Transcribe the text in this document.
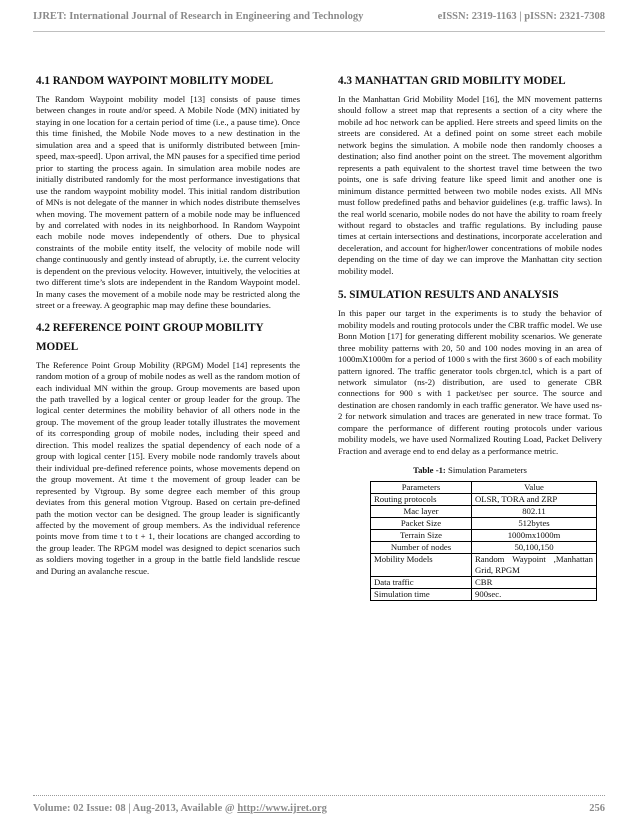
IJRET: International Journal of Research in Engineering and Technology	eISSN: 2319-1163 | pISSN: 2321-7308
4.1 RANDOM WAYPOINT MOBILITY MODEL

The Random Waypoint mobility model [13] consists of pause times between changes in route and/or speed. A Mobile Node (MN) initiated by staying in one location for a certain period of time (i.e., a pause time). Once this time finished, the Mobile Node moves to a new destination in the simulation area and a speed that is uniformly distributed between [min-speed, max-speed]. Upon arrival, the MN pauses for a specified time period prior to starting the process again. In simulation area mobile nodes are initially distributed randomly for the most performance investigations that use the random waypoint mobility model. This initial random distribution of MNs is not delegate of the manner in which nodes distribute themselves when moving. The movement pattern of a mobile node may be influenced by and correlated with nodes in its neighborhood. In Random Waypoint each mobile node moves independently of others. Due to physical constraints of the mobile entity itself, the velocity of mobile node will change continuously and gently instead of abruptly, i.e. the current velocity is dependent on the previous velocity. However, intuitively, the velocities at two different time’s slots are independent in the Random Waypoint model. In many cases the movement of a mobile node may be restricted along the street or a freeway. A geographic map may define these boundaries.

4.2 REFERENCE POINT GROUP MOBILITY
MODEL

The Reference Point Group Mobility (RPGM) Model [14] represents the random motion of a group of mobile nodes as well as the random motion of each individual MN within the group. Group movements are based upon the path travelled by a logical center or group leader for the group. The logical center determines the mobility behavior of all others node in the group. The movement of the group leader totally illustrates the movement of its corresponding group of mobile nodes, including their speed and direction. This model realizes the spatial dependency of each node of a group with logical center [15]. Every mobile node randomly travels about their individual pre-defined reference points, whose movements depend on the group movement. At time t the movement of group leader can be represented by Vtgroup. By some degree each member of this group deviates from this general motion Vtgroup. Based on certain pre-defined path the motion vector can be designed. The group leader is significantly affected by the movement of group members. As the individual reference points move from time t to t + 1, their locations are changed according to the group leader. The RPGM model was designed to depict scenarios such as soldiers moving together in a group in the battle field landslide rescue and During an avalanche rescue.

4.3 MANHATTAN GRID MOBILITY MODEL

In the Manhattan Grid Mobility Model [16], the MN movement patterns should follow a street map that represents a section of a city where the mobile ad hoc network can be applied. Here streets and speed limits on the streets are considered. At a defined point on some street each mobile network begins the simulation. A mobile node then randomly chooses a destination; also find another point on the street. The movement algorithm represents a path equivalent to the shortest travel time between the two points, one is safe driving feature like speed limit and another one is minimum distance permitted between two mobile nodes exists. All MNs must follow predefined paths and behavior guidelines (e.g. traffic laws). In the real world scenario, mobile nodes do not have the ability to roam freely without regard to obstacles and traffic regulations. By including pause times at certain intersections and destinations, incorporate acceleration and deceleration, and account for higher/lower concentrations of mobile nodes depending on the time of day we can improve the Manhattan city section mobility model.

5. SIMULATION RESULTS AND ANALYSIS

In this paper our target in the experiments is to study the behavior of mobility models and routing protocols under the CBR traffic model. We use Bonn Motion [17] for generating different mobility scenarios. We generate three mobility patterns with 20, 50 and 100 nodes moving in an area of 1000mX1000m for a period of 1000 s with the first 3600 s of each mobility pattern ignored. The traffic generator tools cbrgen.tcl, which is a part of network simulator (ns-2) distribution, are used to generate CBR connections for 900 s with 1 packet/sec per source. The source and destination are chosen randomly in each traffic generator. We have used ns-2 for network simulation and traces are generated in new trace format. To compare the performance of different routing protocols under various mobility models, we have used Normalized Routing Load, Packet Delivery Fraction and average end to end delay as a performance metric.

Table -1: Simulation Parameters
Parameters	Value
Routing protocols	OLSR, TORA and ZRP
Mac layer	802.11
Packet Size	512bytes
Terrain Size	1000mx1000m
Number of nodes	50,100,150
Mobility Models	Random Waypoint ,Manhattan Grid, RPGM
Data traffic	CBR
Simulation time	900sec.
Volume: 02 Issue: 08 | Aug-2013, Available @ http://www.ijret.org	256
